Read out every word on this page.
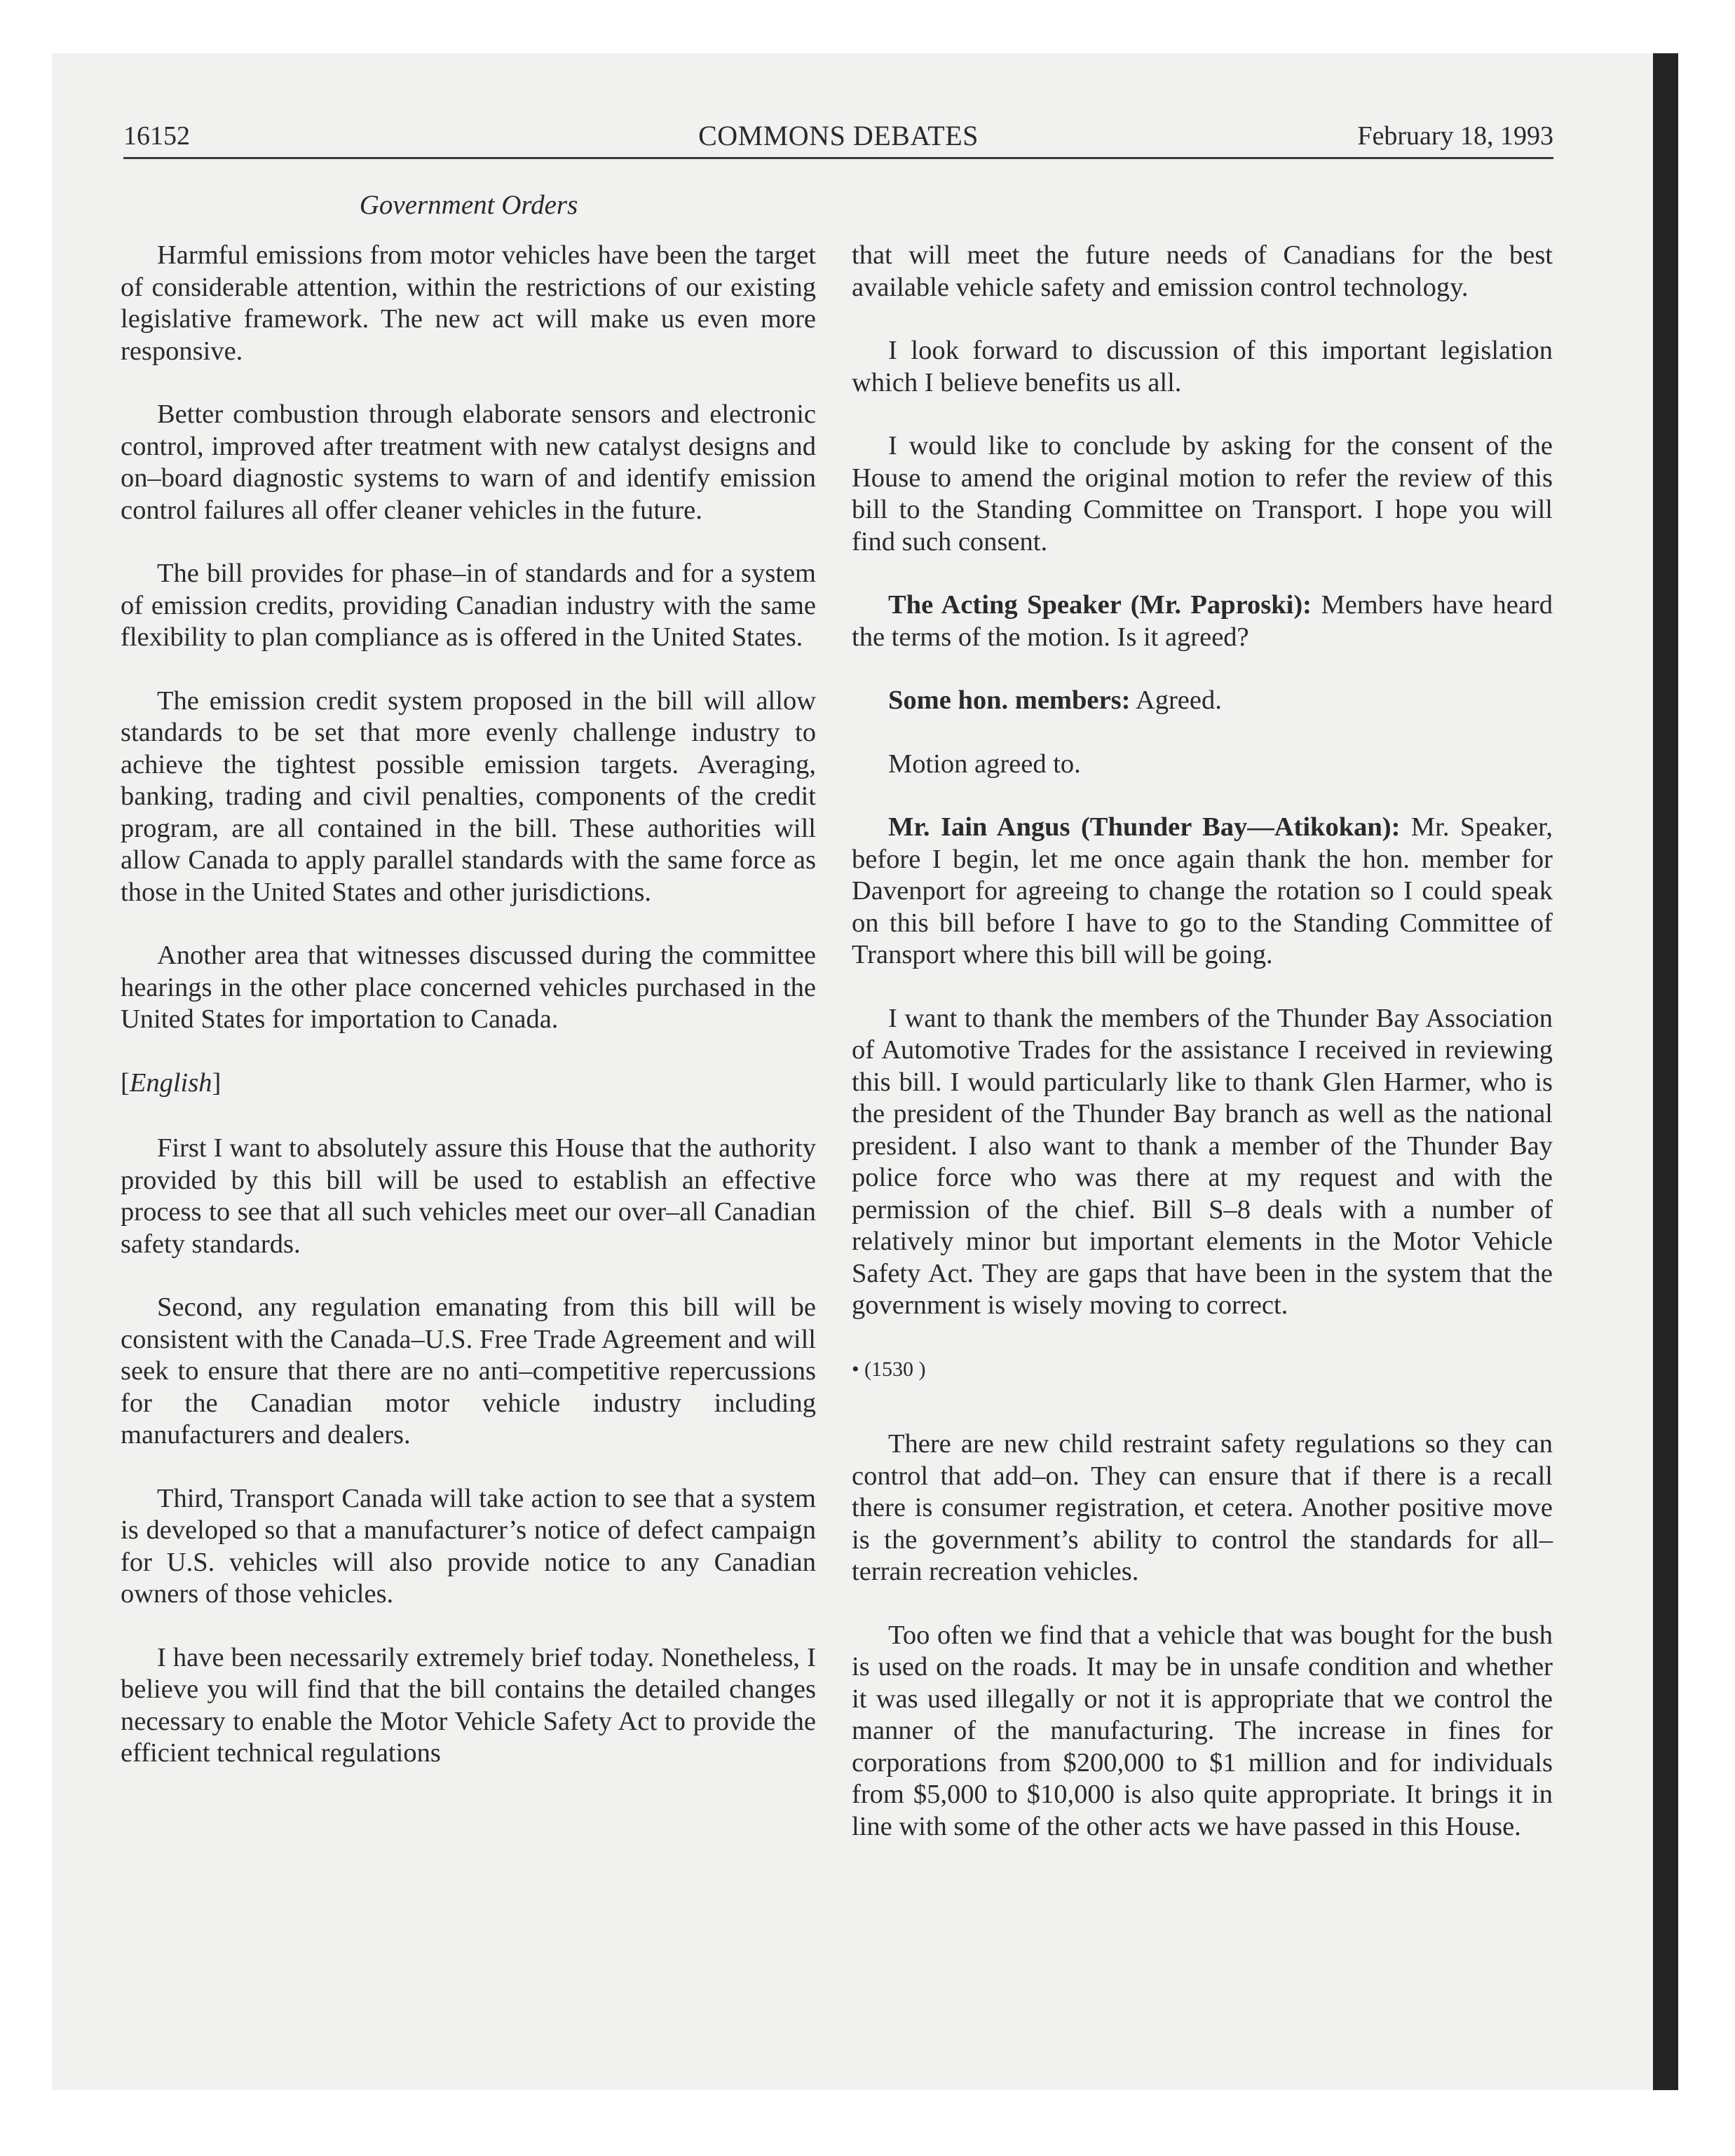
16152	COMMONS DEBATES	February 18, 1993
Government Orders

Harmful emissions from motor vehicles have been the target of considerable attention, within the restrictions of our existing legislative framework. The new act will make us even more responsive.

Better combustion through elaborate sensors and electronic control, improved after treatment with new catalyst designs and on–board diagnostic systems to warn of and identify emission control failures all offer cleaner vehicles in the future.

The bill provides for phase–in of standards and for a system of emission credits, providing Canadian industry with the same flexibility to plan compliance as is offered in the United States.

The emission credit system proposed in the bill will allow standards to be set that more evenly challenge industry to achieve the tightest possible emission targets. Averaging, banking, trading and civil penalties, components of the credit program, are all contained in the bill. These authorities will allow Canada to apply parallel standards with the same force as those in the United States and other jurisdictions.

Another area that witnesses discussed during the committee hearings in the other place concerned vehicles purchased in the United States for importation to Canada.

[English]

First I want to absolutely assure this House that the authority provided by this bill will be used to establish an effective process to see that all such vehicles meet our over–all Canadian safety standards.

Second, any regulation emanating from this bill will be consistent with the Canada–U.S. Free Trade Agreement and will seek to ensure that there are no anti–competitive repercussions for the Canadian motor vehicle industry including manufacturers and dealers.

Third, Transport Canada will take action to see that a system is developed so that a manufacturer’s notice of defect campaign for U.S. vehicles will also provide notice to any Canadian owners of those vehicles.

I have been necessarily extremely brief today. Nonetheless, I believe you will find that the bill contains the detailed changes necessary to enable the Motor Vehicle Safety Act to provide the efficient technical regulations

that will meet the future needs of Canadians for the best available vehicle safety and emission control technology.

I look forward to discussion of this important legislation which I believe benefits us all.

I would like to conclude by asking for the consent of the House to amend the original motion to refer the review of this bill to the Standing Committee on Transport. I hope you will find such consent.

The Acting Speaker (Mr. Paproski): Members have heard the terms of the motion. Is it agreed?

Some hon. members: Agreed.

Motion agreed to.

Mr. Iain Angus (Thunder Bay—Atikokan): Mr. Speaker, before I begin, let me once again thank the hon. member for Davenport for agreeing to change the rotation so I could speak on this bill before I have to go to the Standing Committee of Transport where this bill will be going.

I want to thank the members of the Thunder Bay Association of Automotive Trades for the assistance I received in reviewing this bill. I would particularly like to thank Glen Harmer, who is the president of the Thunder Bay branch as well as the national president. I also want to thank a member of the Thunder Bay police force who was there at my request and with the permission of the chief. Bill S–8 deals with a number of relatively minor but important elements in the Motor Vehicle Safety Act. They are gaps that have been in the system that the government is wisely moving to correct.

• (1530 )

There are new child restraint safety regulations so they can control that add–on. They can ensure that if there is a recall there is consumer registration, et cetera. Another positive move is the government’s ability to control the standards for all–terrain recreation vehicles.

Too often we find that a vehicle that was bought for the bush is used on the roads. It may be in unsafe condition and whether it was used illegally or not it is appropriate that we control the manner of the manufacturing. The increase in fines for corporations from $200,000 to $1 million and for individuals from $5,000 to $10,000 is also quite appropriate. It brings it in line with some of the other acts we have passed in this House.
